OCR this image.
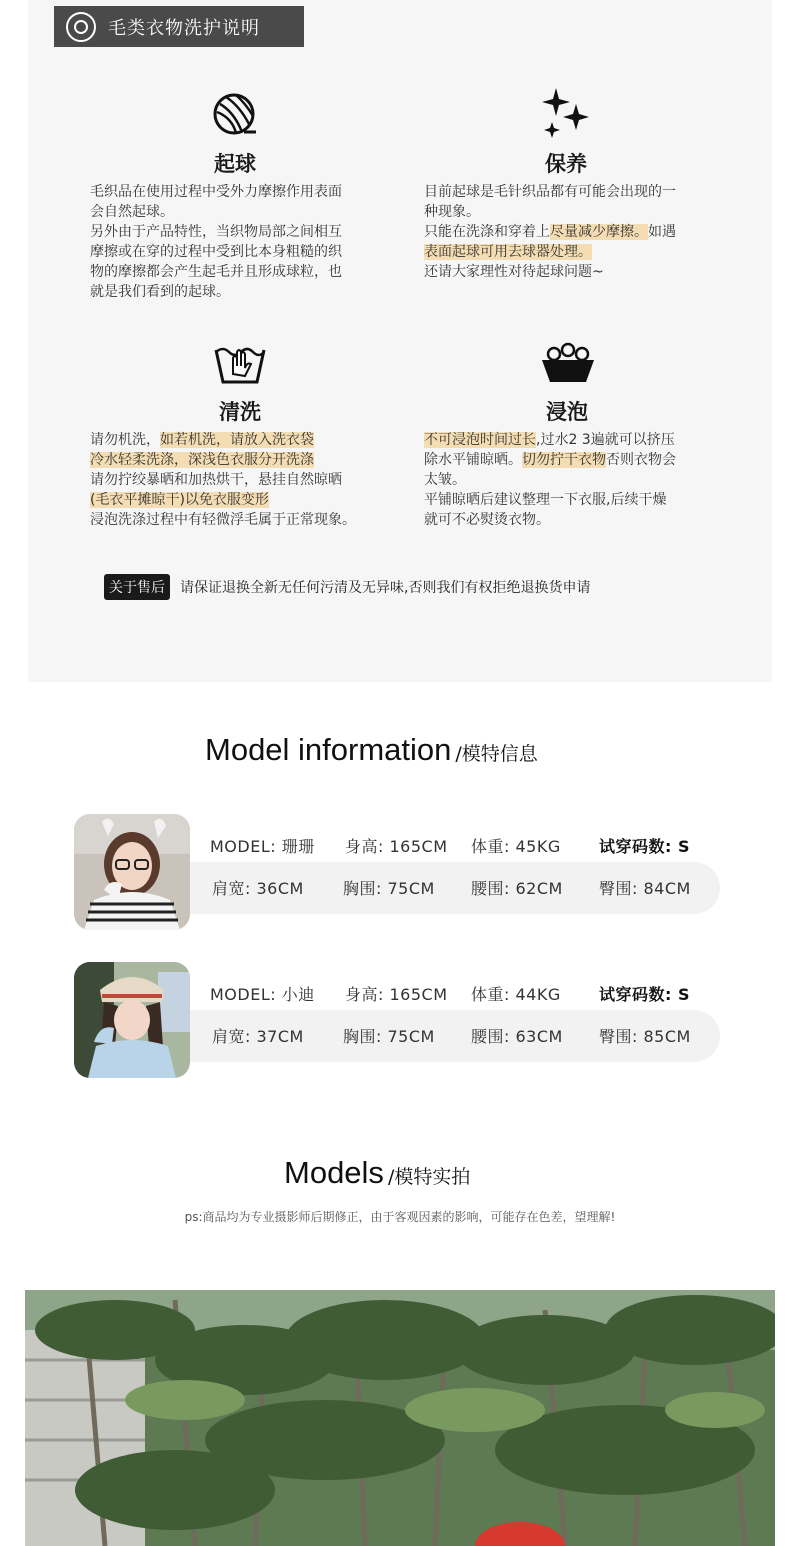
毛类衣物洗护说明
起球
毛织品在使用过程中受外力摩擦作用表面
会自然起球。
另外由于产品特性，当织物局部之间相互
摩擦或在穿的过程中受到比本身粗糙的织
物的摩擦都会产生起毛并且形成球粒，也
就是我们看到的起球。
保养
目前起球是毛针织品都有可能会出现的一
种现象。
只能在洗涤和穿着上尽量减少摩擦。如遇
表面起球可用去球器处理。
还请大家理性对待起球问题~
清洗
请勿机洗，如若机洗，请放入洗衣袋
冷水轻柔洗涤，深浅色衣服分开洗涤
请勿拧绞暴晒和加热烘干，悬挂自然晾晒
(毛衣平摊晾干)以免衣服变形
浸泡洗涤过程中有轻微浮毛属于正常现象。
浸泡
不可浸泡时间过长,过水2 3遍就可以挤压
除水平铺晾晒。切勿拧干衣物否则衣物会
太皱。
平铺晾晒后建议整理一下衣服,后续干燥
就可不必熨烫衣物。
关于售后	请保证退换全新无任何污清及无异味,否则我们有权拒绝退换货申请
Model information /模特信息
MODEL: 珊珊 身高: 165CM 体重: 45KG 试穿码数: S
肩宽: 36CM 胸围: 75CM 腰围: 62CM 臀围: 84CM
MODEL: 小迪 身高: 165CM 体重: 44KG 试穿码数: S
肩宽: 37CM 胸围: 75CM 腰围: 63CM 臀围: 85CM
Models /模特实拍
ps:商品均为专业摄影师后期修正，由于客观因素的影响，可能存在色差，望理解!
